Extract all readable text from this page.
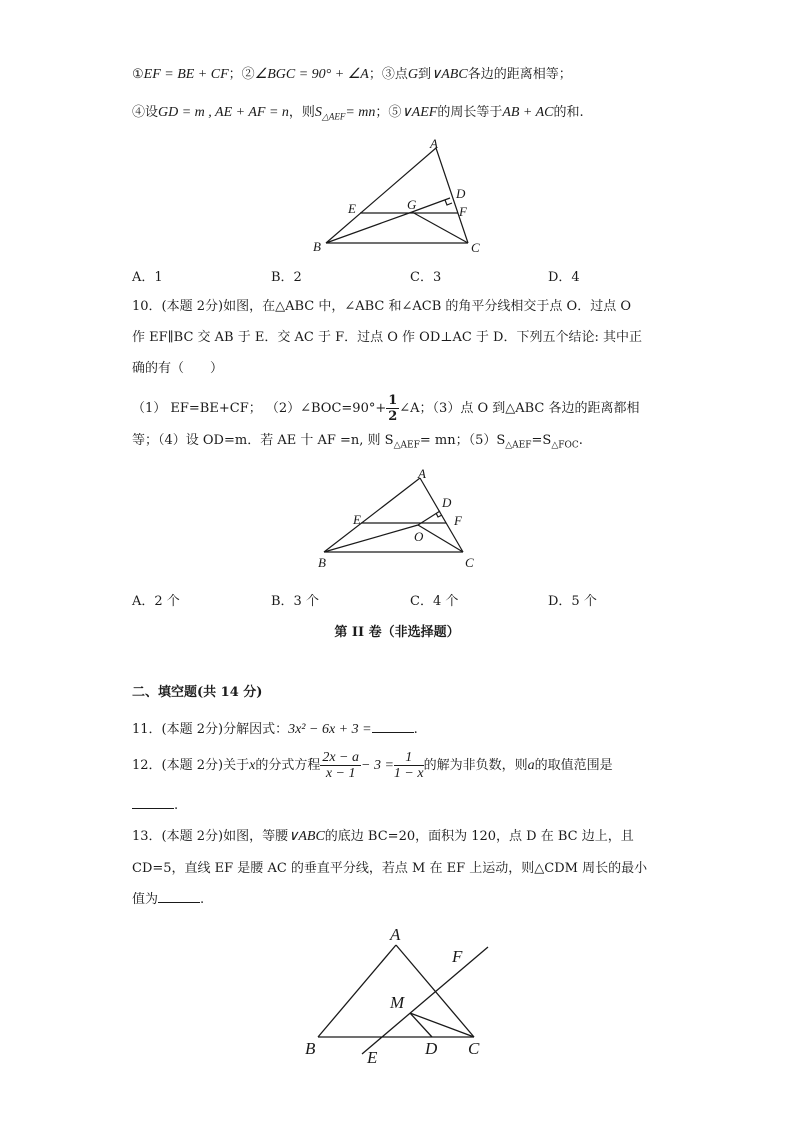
①EF = BE + CF；②∠BGC = 90° + ∠A；③点G到∨ABC各边的距离相等；
④设GD = m , AE + AF = n，则$S_{\triangle AEF}=$ mn；⑤∨AEF的周长等于AB + AC的和.
A
B	C
D
E	F
G
A．1	B．2	C．3	D．4
10．(本题 2分)如图，在△ABC 中，∠ABC 和∠ACB 的角平分线相交于点 O．过点 O
作 EF∥BC 交 AB 于 E．交 AC 于 F．过点 O 作 OD⊥AC 于 D．下列五个结论: 其中正
确的有（　　）
（1） EF=BE+CF； （2）∠BOC=90°+ $\frac{1}{2}$ ∠A；（3）点 O 到△ABC 各边的距离都相
等；（4）设 OD=m．若 AE 十 AF =n, 则 $S_{\triangle AEF}=$ mn；$(5)S_{\triangle AEF}=S_{\triangle FOC}$.
A
B	C
D
E	F
O
A．2 个	B．3 个	C．4 个	D．5 个
第 II 卷（非选择题）
二、填空题(共 14 分)
11．(本题 2分)分解因式：3x² − 6x + 3 =	.
12．(本题 2分)关于x的分式方程 $\frac{2x - a}{x - 1} - 3 = \frac{1}{1 - x}$ 的解为非负数，则a的取值范围是
.
13．(本题 2分)如图，等腰∨ABC的底边 BC=20，面积为 120，点 D 在 BC 边上，且
CD=5，直线 EF 是腰 AC 的垂直平分线，若点 M 在 EF 上运动，则△CDM 周长的最小
值为	.
A
B	C
D
E
F
M
